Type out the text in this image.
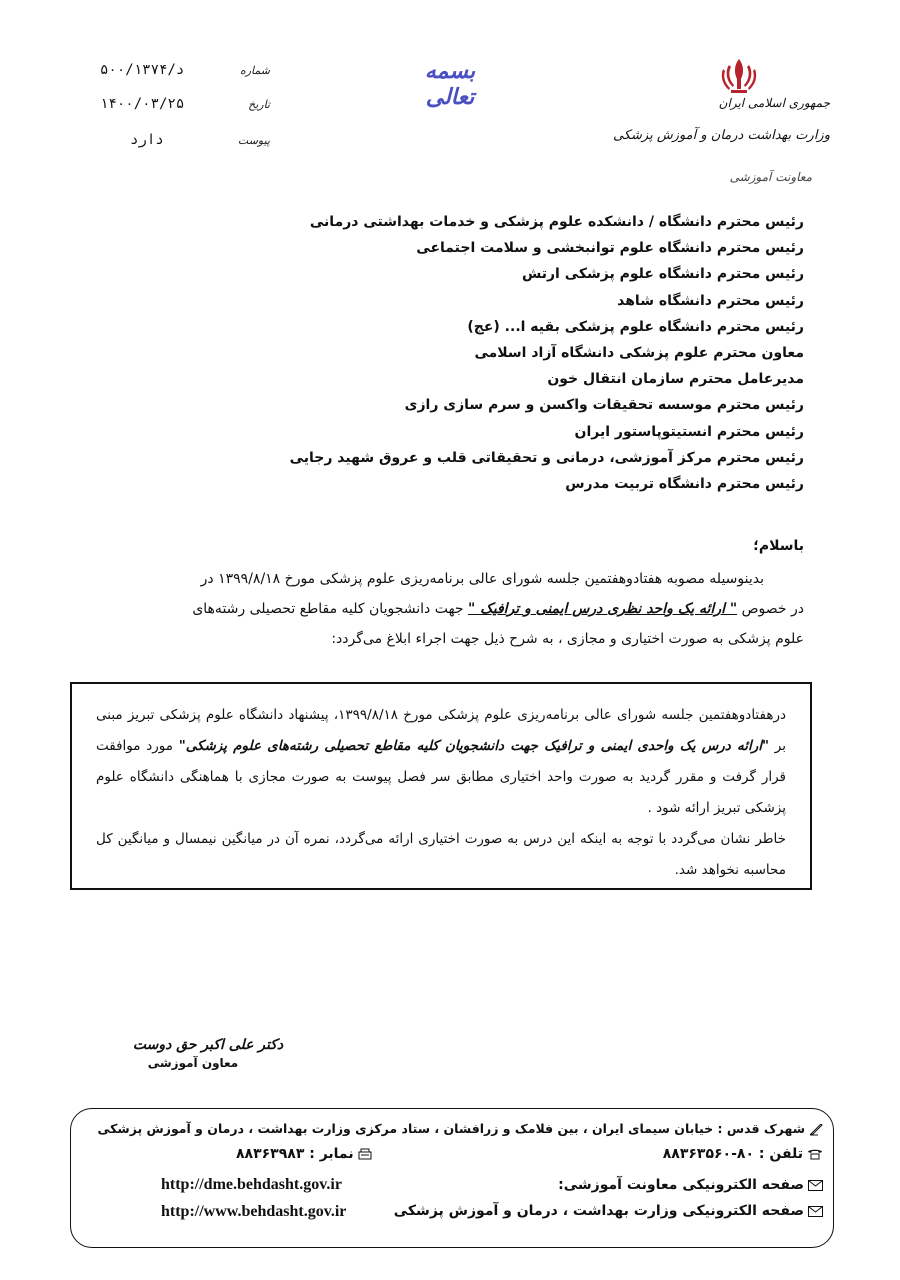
د/۵۰۰/۱۳۷۴	شماره
۱۴۰۰/۰۳/۲۵	تاریخ
دارد	پیوست
بسمه تعالی	جمهوری اسلامی ایران
وزارت بهداشت درمان و آموزش پزشکی
معاونت آموزشی
رئیس محترم دانشگاه / دانشکده علوم پزشکی و خدمات بهداشتی درمانی
رئیس محترم دانشگاه علوم توانبخشی و سلامت اجتماعی
رئیس محترم دانشگاه علوم پزشکی ارتش
رئیس محترم دانشگاه شاهد
رئیس محترم دانشگاه علوم پزشکی بقیه ا... (عج)
معاون محترم علوم پزشکی دانشگاه آزاد اسلامی
مدیرعامل محترم سازمان انتقال خون
رئیس محترم موسسه تحقیقات واکسن و سرم سازی رازی
رئیس محترم انستیتوپاستور ایران
رئیس محترم مرکز آموزشی، درمانی و تحقیقاتی قلب و عروق شهید رجایی
رئیس محترم دانشگاه تربیت مدرس
باسلام؛
بدینوسیله مصوبه هفتادوهفتمین جلسه شورای عالی برنامه‌ریزی علوم پزشکی مورخ ۱۳۹۹/۸/۱۸ در
در خصوص " ارائه یک واحد نظری درس ایمنی و ترافیک " جهت دانشجویان کلیه مقاطع تحصیلی رشته‌های
علوم پزشکی به صورت اختیاری و مجازی ، به شرح ذیل جهت اجراء ابلاغ می‌گردد:
درهفتادوهفتمین جلسه شورای عالی برنامه‌ریزی علوم پزشکی مورخ ۱۳۹۹/۸/۱۸، پیشنهاد دانشگاه علوم پزشکی تبریز مبنی بر "ارائه درس یک واحدی ایمنی و ترافیک جهت دانشجویان کلیه مقاطع تحصیلی رشته‌های علوم پزشکی" مورد موافقت قرار گرفت و مقرر گردید به صورت واحد اختیاری مطابق سر فصل پیوست به صورت مجازی با هماهنگی دانشگاه علوم پزشکی تبریز ارائه شود .
خاطر نشان می‌گردد با توجه به اینکه این درس به صورت اختیاری ارائه می‌گردد، نمره آن در میانگین نیمسال و میانگین کل محاسبه نخواهد شد.
دکتر علی اکبر حق دوست
معاون آموزشی
شهرک قدس : خیابان سیمای ایران ، بین فلامک و زرافشان ، ستاد مرکزی وزارت بهداشت ، درمان و آموزش پزشکی
تلفن : ۸۰-۸۸۳۶۳۵۶۰
نمابر : ۸۸۳۶۳۹۸۳
صفحه الکترونیکی معاونت آموزشی:
http://dme.behdasht.gov.ir
صفحه الکترونیکی وزارت بهداشت ، درمان و آموزش پزشکی
http://www.behdasht.gov.ir
